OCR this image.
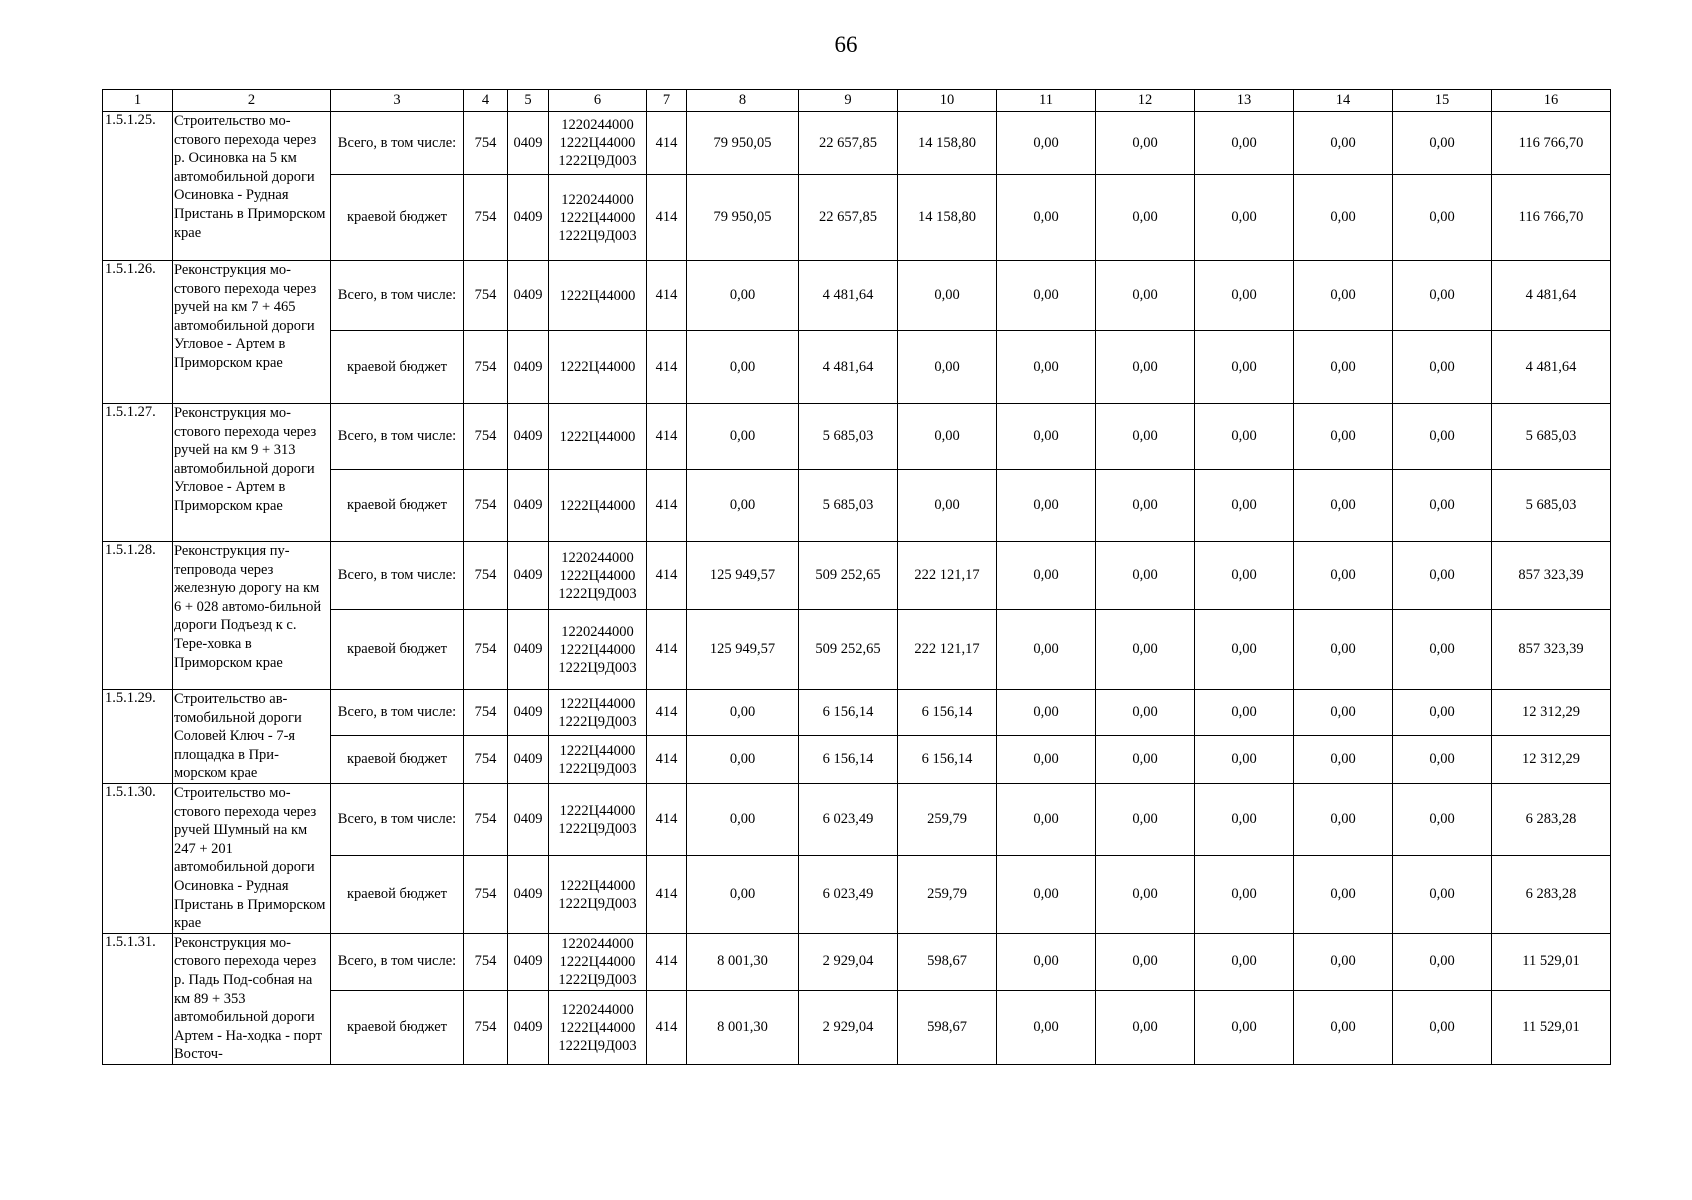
66
1	2	3	4	5	6	7	8	9	10	11	12	13	14	15	16
1.5.1.25.	Строительство мо-стового перехода через р. Осиновка на 5 км автомобильной дороги Осиновка - Рудная Пристань в Приморском крае	Всего, в том числе:	754	0409	1220244000 1222Ц44000 1222Ц9Д003	414	79 950,05	22 657,85	14 158,80	0,00	0,00	0,00	0,00	0,00	116 766,70
		краевой бюджет	754	0409	1220244000 1222Ц44000 1222Ц9Д003	414	79 950,05	22 657,85	14 158,80	0,00	0,00	0,00	0,00	0,00	116 766,70
1.5.1.26.	Реконструкция мо-стового перехода через ручей на км 7 + 465 автомобильной дороги Угловое - Артем в Приморском крае	Всего, в том числе:	754	0409	1222Ц44000	414	0,00	4 481,64	0,00	0,00	0,00	0,00	0,00	0,00	4 481,64
		краевой бюджет	754	0409	1222Ц44000	414	0,00	4 481,64	0,00	0,00	0,00	0,00	0,00	0,00	4 481,64
1.5.1.27.	Реконструкция мо-стового перехода через ручей на км 9 + 313 автомобильной дороги Угловое - Артем в Приморском крае	Всего, в том числе:	754	0409	1222Ц44000	414	0,00	5 685,03	0,00	0,00	0,00	0,00	0,00	0,00	5 685,03
		краевой бюджет	754	0409	1222Ц44000	414	0,00	5 685,03	0,00	0,00	0,00	0,00	0,00	0,00	5 685,03
1.5.1.28.	Реконструкция пу-тепровода через железную дорогу на км 6 + 028 автомо-бильной дороги Подъезд к с. Тере-ховка в Приморском крае	Всего, в том числе:	754	0409	1220244000 1222Ц44000 1222Ц9Д003	414	125 949,57	509 252,65	222 121,17	0,00	0,00	0,00	0,00	0,00	857 323,39
		краевой бюджет	754	0409	1220244000 1222Ц44000 1222Ц9Д003	414	125 949,57	509 252,65	222 121,17	0,00	0,00	0,00	0,00	0,00	857 323,39
1.5.1.29.	Строительство ав-томобильной дороги Соловей Ключ - 7-я площадка в При-морском крае	Всего, в том числе:	754	0409	1222Ц44000 1222Ц9Д003	414	0,00	6 156,14	6 156,14	0,00	0,00	0,00	0,00	0,00	12 312,29
		краевой бюджет	754	0409	1222Ц44000 1222Ц9Д003	414	0,00	6 156,14	6 156,14	0,00	0,00	0,00	0,00	0,00	12 312,29
1.5.1.30.	Строительство мо-стового перехода через ручей Шумный на км 247 + 201 автомобильной дороги Осиновка - Рудная Пристань в Приморском крае	Всего, в том числе:	754	0409	1222Ц44000 1222Ц9Д003	414	0,00	6 023,49	259,79	0,00	0,00	0,00	0,00	0,00	6 283,28
		краевой бюджет	754	0409	1222Ц44000 1222Ц9Д003	414	0,00	6 023,49	259,79	0,00	0,00	0,00	0,00	0,00	6 283,28
1.5.1.31.	Реконструкция мо-стового перехода через р. Падь Под-собная на км 89 + 353 автомобильной дороги Артем - На-ходка - порт Восточ-	Всего, в том числе:	754	0409	1220244000 1222Ц44000 1222Ц9Д003	414	8 001,30	2 929,04	598,67	0,00	0,00	0,00	0,00	0,00	11 529,01
		краевой бюджет	754	0409	1220244000 1222Ц44000 1222Ц9Д003	414	8 001,30	2 929,04	598,67	0,00	0,00	0,00	0,00	0,00	11 529,01
